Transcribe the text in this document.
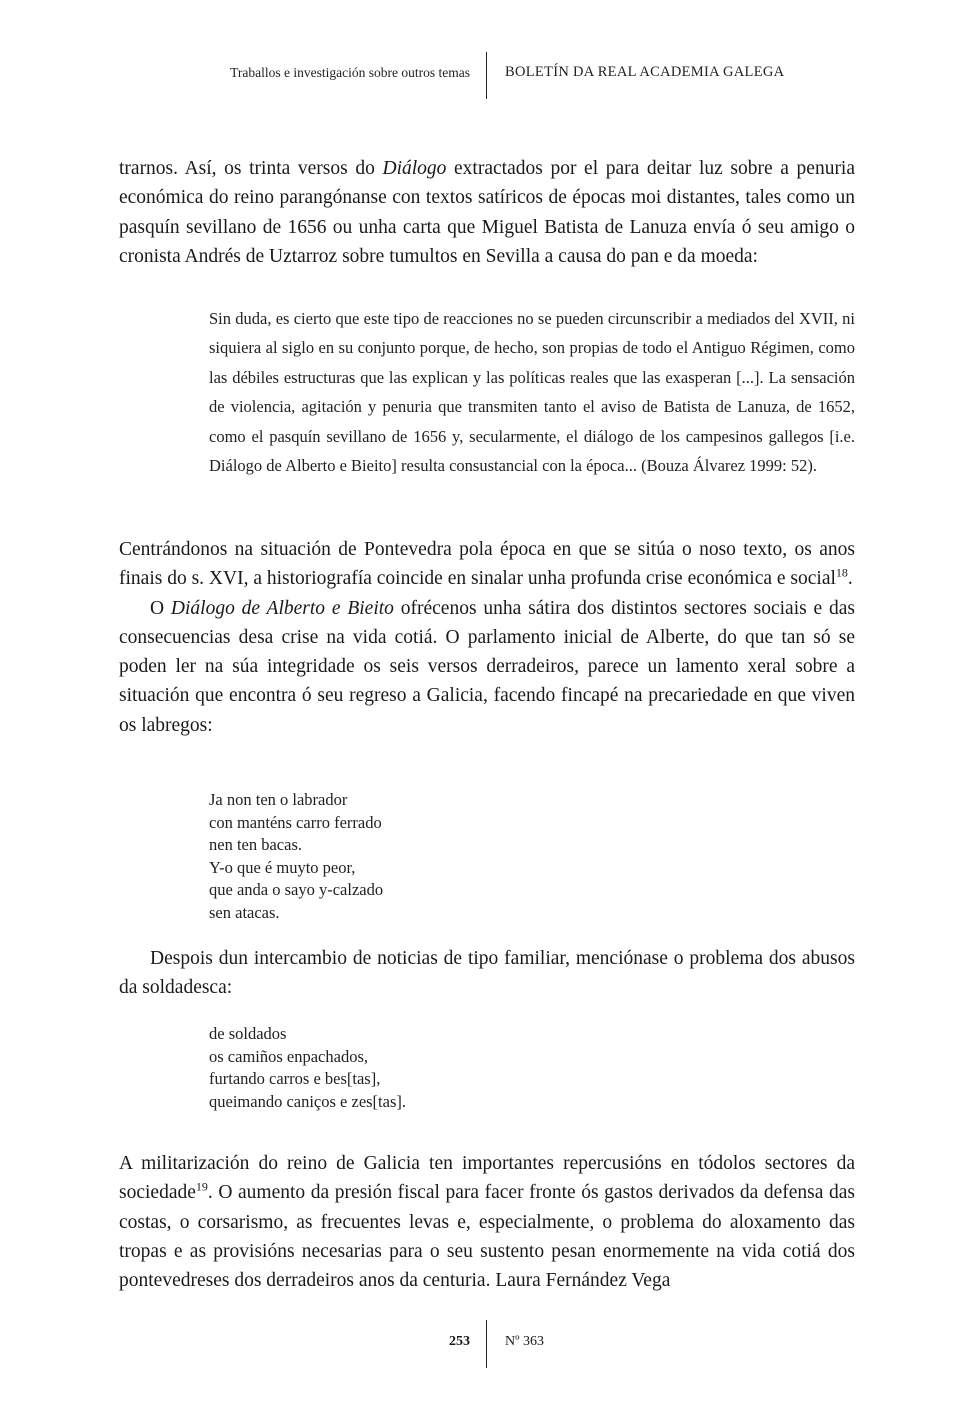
Traballos e investigación sobre outros temas BOLETÍN DA REAL ACADEMIA GALEGA

trarnos. Así, os trinta versos do Diálogo extractados por el para deitar luz sobre a penuria económica do reino parangónanse con textos satíricos de épocas moi distantes, tales como un pasquín sevillano de 1656 ou unha carta que Miguel Batista de Lanuza envía ó seu amigo o cronista Andrés de Uztarroz sobre tumultos en Sevilla a causa do pan e da moeda:

Sin duda, es cierto que este tipo de reacciones no se pueden circunscribir a mediados del XVII, ni siquiera al siglo en su conjunto porque, de hecho, son propias de todo el Antiguo Régimen, como las débiles estructuras que las explican y las políticas reales que las exasperan [...]. La sensación de violencia, agitación y penuria que transmiten tanto el aviso de Batista de Lanuza, de 1652, como el pasquín sevillano de 1656 y, secularmente, el diálogo de los campesinos gallegos [i.e. Diálogo de Alberto e Bieito] resulta consustancial con la época... (Bouza Álvarez 1999: 52).

Centrándonos na situación de Pontevedra pola época en que se sitúa o noso texto, os anos finais do s. XVI, a historiografía coincide en sinalar unha profunda crise económica e social$^{18}$.

O Diálogo de Alberto e Bieito ofrécenos unha sátira dos distintos sectores sociais e das consecuencias desa crise na vida cotiá. O parlamento inicial de Alberte, do que tan só se poden ler na súa integridade os seis versos derradeiros, parece un lamento xeral sobre a situación que encontra ó seu regreso a Galicia, facendo fincapé na precariedade en que viven os labregos:

Ja non ten o labrador
con manténs carro ferrado
nen ten bacas.
Y-o que é muyto peor,
que anda o sayo y-calzado
sen atacas.

Despois dun intercambio de noticias de tipo familiar, menciónase o problema dos abusos da soldadesca:

de soldados
os camiños enpachados,
furtando carros e bes[tas],
queimando caniços e zes[tas].

A militarización do reino de Galicia ten importantes repercusións en tódolos sectores da sociedade$^{19}$. O aumento da presión fiscal para facer fronte ós gastos derivados da defensa das costas, o corsarismo, as frecuentes levas e, especialmente, o problema do aloxamento das tropas e as provisións necesarias para o seu sustento pesan enormemente na vida cotiá dos pontevedreses dos derradeiros anos da centuria. Laura Fernández Vega

253	Nº 363
